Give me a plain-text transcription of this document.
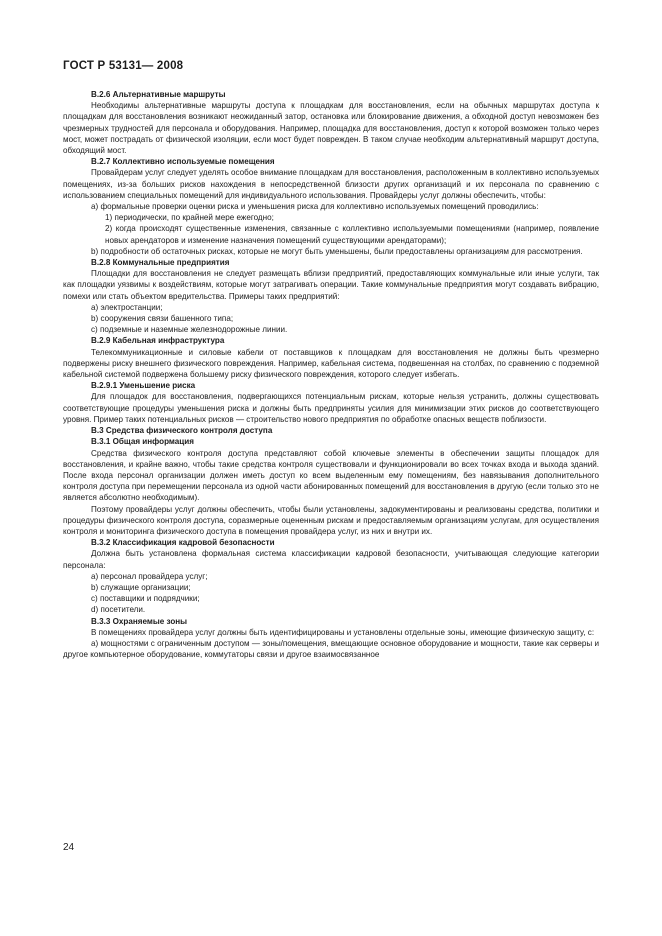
ГОСТ Р 53131— 2008

В.2.6 Альтернативные маршруты

Необходимы альтернативные маршруты доступа к площадкам для восстановления, если на обычных маршрутах доступа к площадкам для восстановления возникают неожиданный затор, остановка или блокирование движения, а обходной доступ невозможен без чрезмерных трудностей для персонала и оборудования. Например, площадка для восстановления, доступ к которой возможен только через мост, может пострадать от физической изоляции, если мост будет поврежден. В таком случае необходим альтернативный маршрут доступа, обходящий мост.

В.2.7 Коллективно используемые помещения

Провайдерам услуг следует уделять особое внимание площадкам для восстановления, расположенным в коллективно используемых помещениях, из-за больших рисков нахождения в непосредственной близости других организаций и их персонала по сравнению с использованием специальных помещений для индивидуального использования. Провайдеры услуг должны обеспечить, чтобы:

а) формальные проверки оценки риска и уменьшения риска для коллективно используемых помещений проводились:

1) периодически, по крайней мере ежегодно;

2) когда происходят существенные изменения, связанные с коллективно используемыми помещениями (например, появление новых арендаторов и изменение назначения помещений существующими арендаторами);

b) подробности об остаточных рисках, которые не могут быть уменьшены, были предоставлены организациям для рассмотрения.

В.2.8 Коммунальные предприятия

Площадки для восстановления не следует размещать вблизи предприятий, предоставляющих коммунальные или иные услуги, так как площадки уязвимы к воздействиям, которые могут затрагивать операции. Такие коммунальные предприятия могут создавать вибрацию, помехи или стать объектом вредительства. Примеры таких предприятий:

а) электростанции;

b) сооружения связи башенного типа;

c) подземные и наземные железнодорожные линии.

В.2.9 Кабельная инфраструктура

Телекоммуникационные и силовые кабели от поставщиков к площадкам для восстановления не должны быть чрезмерно подвержены риску внешнего физического повреждения. Например, кабельная система, подвешенная на столбах, по сравнению с подземной кабельной системой подвержена большему риску физического повреждения, которого следует избегать.

В.2.9.1 Уменьшение риска

Для площадок для восстановления, подвергающихся потенциальным рискам, которые нельзя устранить, должны существовать соответствующие процедуры уменьшения риска и должны быть предприняты усилия для минимизации этих рисков до соответствующего уровня. Пример таких потенциальных рисков — строительство нового предприятия по обработке опасных веществ поблизости.

В.3 Средства физического контроля доступа

В.3.1 Общая информация

Средства физического контроля доступа представляют собой ключевые элементы в обеспечении защиты площадок для восстановления, и крайне важно, чтобы такие средства контроля существовали и функционировали во всех точках входа и выхода зданий. После входа персонал организации должен иметь доступ ко всем выделенным ему помещениям, без навязывания дополнительного контроля доступа при перемещении персонала из одной части абонированных помещений для восстановления в другую (если только это не является абсолютно необходимым).

Поэтому провайдеры услуг должны обеспечить, чтобы были установлены, задокументированы и реализованы средства, политики и процедуры физического контроля доступа, соразмерные оцененным рискам и предоставляемым организациям услугам, для осуществления контроля и мониторинга физического доступа в помещения провайдера услуг, из них и внутри их.

В.3.2 Классификация кадровой безопасности

Должна быть установлена формальная система классификации кадровой безопасности, учитывающая следующие категории персонала:

а) персонал провайдера услуг;

b) служащие организации;

c) поставщики и подрядчики;

d) посетители.

В.3.3 Охраняемые зоны

В помещениях провайдера услуг должны быть идентифицированы и установлены отдельные зоны, имеющие физическую защиту, с:

а) мощностями с ограниченным доступом — зоны/помещения, вмещающие основное оборудование и мощности, такие как серверы и другое компьютерное оборудование, коммутаторы связи и другое взаимосвязанное

24
